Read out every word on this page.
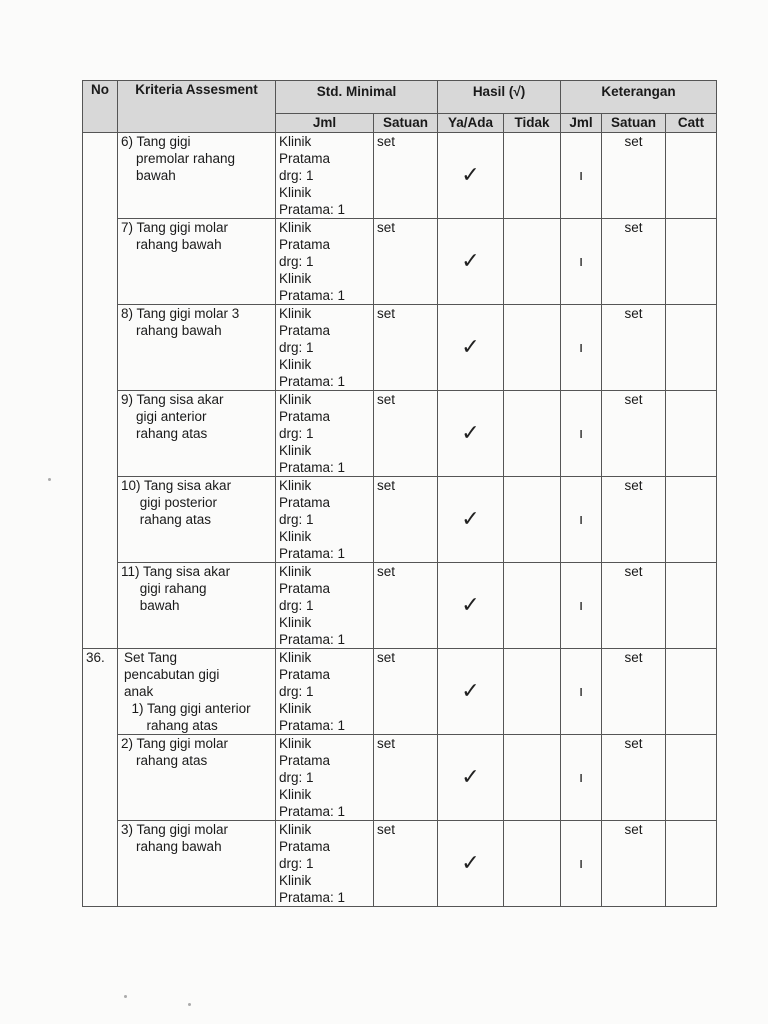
No	Kriteria Assesment	Std. Minimal		Hasil (√)		Keterangan		
		Jml	Satuan	Ya/Ada	Tidak	Jml	Satuan	Catt
	6) Tang gigi
premolar rahang
bawah	Klinik
Pratama
drg: 1
Klinik
Pratama: 1	set	✓		ı	set	
	7) Tang gigi molar
rahang bawah	Klinik
Pratama
drg: 1
Klinik
Pratama: 1	set	✓		ı	set	
	8) Tang gigi molar 3
rahang bawah	Klinik
Pratama
drg: 1
Klinik
Pratama: 1	set	✓		ı	set	
	9) Tang sisa akar
gigi anterior
rahang atas	Klinik
Pratama
drg: 1
Klinik
Pratama: 1	set	✓		ı	set	
	10) Tang sisa akar
gigi posterior
rahang atas	Klinik
Pratama
drg: 1
Klinik
Pratama: 1	set	✓		ı	set	
	11) Tang sisa akar
gigi rahang
bawah	Klinik
Pratama
drg: 1
Klinik
Pratama: 1	set	✓		ı	set	
36.	Set Tang
pencabutan gigi
anak
1) Tang gigi anterior
rahang atas	Klinik
Pratama
drg: 1
Klinik
Pratama: 1	set	✓		ı	set	
	2) Tang gigi molar
rahang atas	Klinik
Pratama
drg: 1
Klinik
Pratama: 1	set	✓		ı	set	
	3) Tang gigi molar
rahang bawah	Klinik
Pratama
drg: 1
Klinik
Pratama: 1	set	✓		ı	set	
